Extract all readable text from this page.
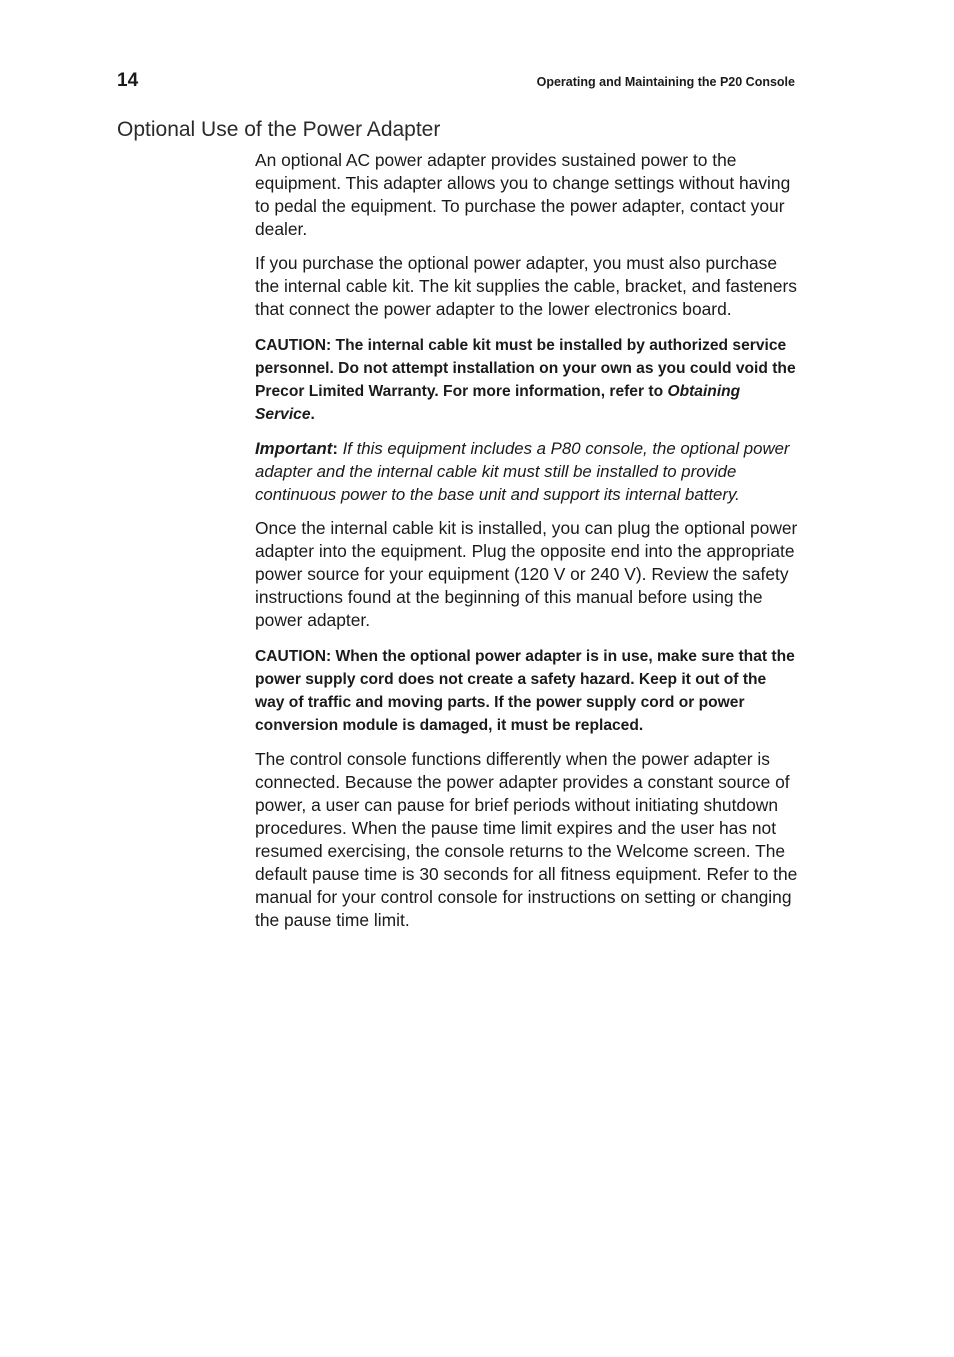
14	Operating and Maintaining the P20 Console
Optional Use of the Power Adapter

An optional AC power adapter provides sustained power to the equipment. This adapter allows you to change settings without having to pedal the equipment. To purchase the power adapter, contact your dealer.

If you purchase the optional power adapter, you must also purchase the internal cable kit. The kit supplies the cable, bracket, and fasteners that connect the power adapter to the lower electronics board.

CAUTION: The internal cable kit must be installed by authorized service personnel. Do not attempt installation on your own as you could void the Precor Limited Warranty. For more information, refer to Obtaining Service.

Important: If this equipment includes a P80 console, the optional power adapter and the internal cable kit must still be installed to provide continuous power to the base unit and support its internal battery.

Once the internal cable kit is installed, you can plug the optional power adapter into the equipment. Plug the opposite end into the appropriate power source for your equipment (120 V or 240 V). Review the safety instructions found at the beginning of this manual before using the power adapter.

CAUTION: When the optional power adapter is in use, make sure that the power supply cord does not create a safety hazard. Keep it out of the way of traffic and moving parts. If the power supply cord or power conversion module is damaged, it must be replaced.

The control console functions differently when the power adapter is connected. Because the power adapter provides a constant source of power, a user can pause for brief periods without initiating shutdown procedures. When the pause time limit expires and the user has not resumed exercising, the console returns to the Welcome screen. The default pause time is 30 seconds for all fitness equipment. Refer to the manual for your control console for instructions on setting or changing the pause time limit.
